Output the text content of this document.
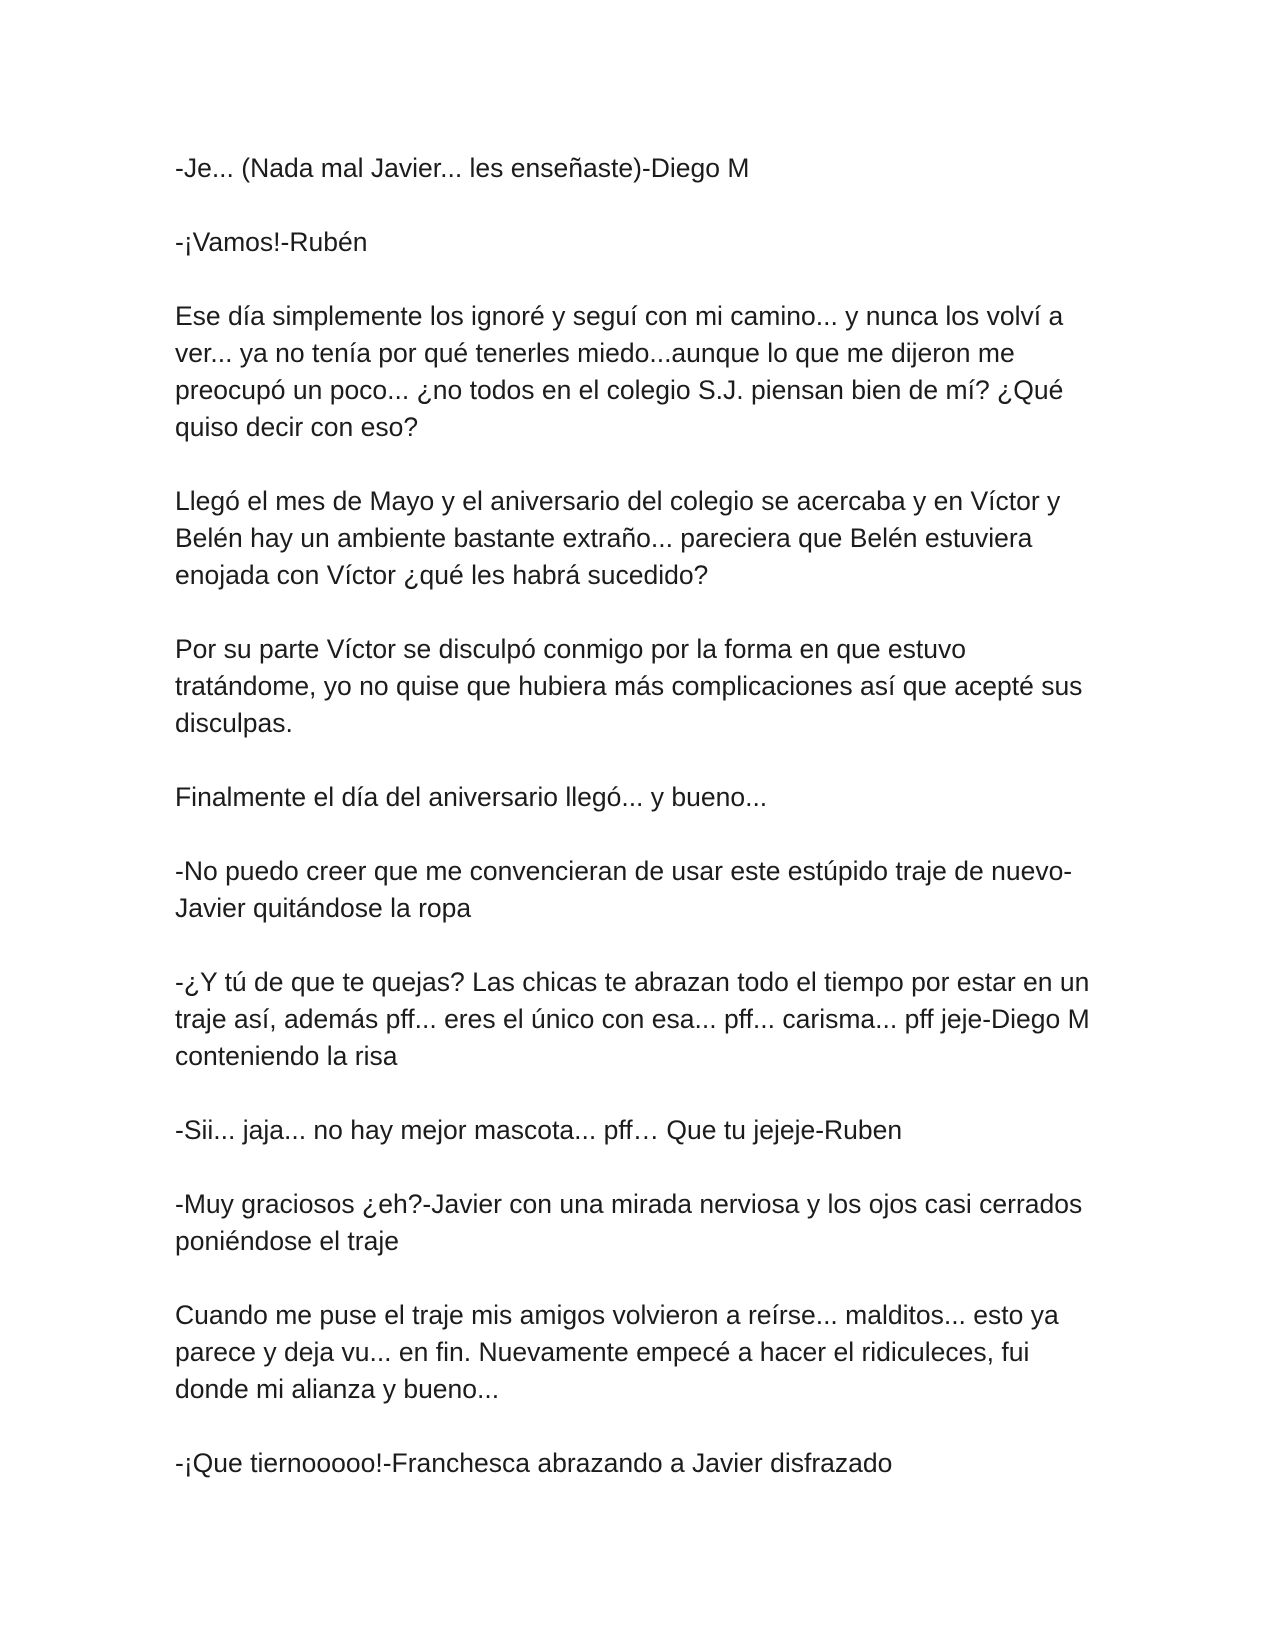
-Je... (Nada mal Javier... les enseñaste)-Diego M

-¡Vamos!-Rubén

Ese día simplemente los ignoré y seguí con mi camino... y nunca los volví a ver... ya no tenía por qué tenerles miedo...aunque lo que me dijeron me preocupó un poco... ¿no todos en el colegio S.J. piensan bien de mí? ¿Qué quiso decir con eso?

Llegó el mes de Mayo y el aniversario del colegio se acercaba y en Víctor y Belén hay un ambiente bastante extraño... pareciera que Belén estuviera enojada con Víctor ¿qué les habrá sucedido?

Por su parte Víctor se disculpó conmigo por la forma en que estuvo tratándome, yo no quise que hubiera más complicaciones así que acepté sus disculpas.

Finalmente el día del aniversario llegó... y bueno...

-No puedo creer que me convencieran de usar este estúpido traje de nuevo-Javier quitándose la ropa

-¿Y tú de que te quejas? Las chicas te abrazan todo el tiempo por estar en un traje así, además pff... eres el único con esa... pff... carisma... pff jeje-Diego M conteniendo la risa

-Sii... jaja... no hay mejor mascota... pff… Que tu jejeje-Ruben

-Muy graciosos ¿eh?-Javier con una mirada nerviosa y los ojos casi cerrados poniéndose el traje

Cuando me puse el traje mis amigos volvieron a reírse... malditos... esto ya parece y deja vu... en fin. Nuevamente empecé a hacer el ridiculeces, fui donde mi alianza y bueno...

-¡Que tiernooooo!-Franchesca abrazando a Javier disfrazado
